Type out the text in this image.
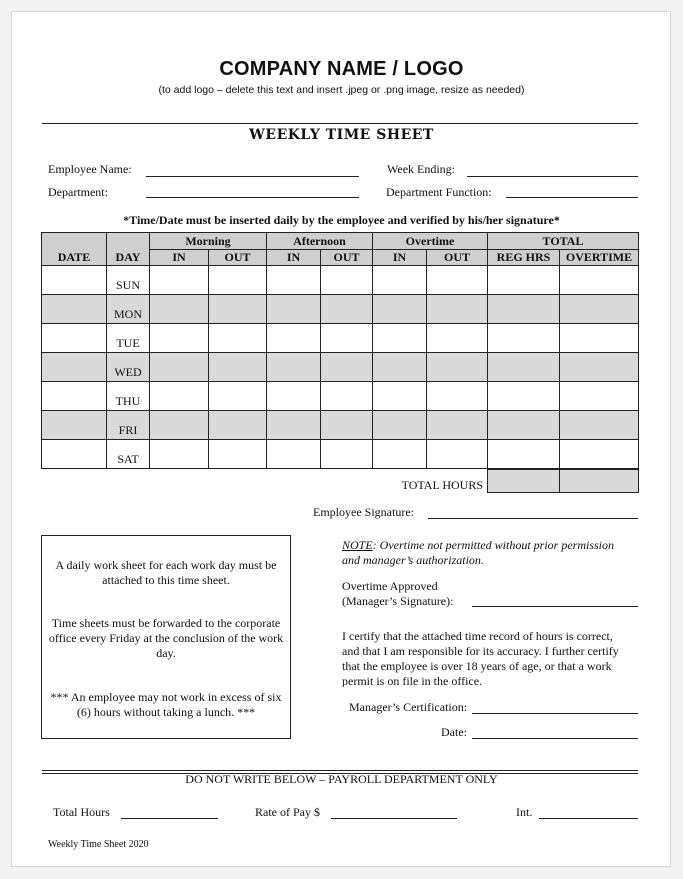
COMPANY NAME / LOGO
(to add logo – delete this text and insert .jpeg or .png image, resize as needed)
WEEKLY TIME SHEET
Employee Name:
Department:
Week Ending:
Department Function:
*Time/Date must be inserted daily by the employee and verified by his/her signature*
DATE	DAY	Morning		Afternoon		Overtime		TOTAL	
		IN	OUT	IN	OUT	IN	OUT	REG HRS	OVERTIME
	SUN								
	MON								
	TUE								
	WED								
	THU								
	FRI								
	SAT								
TOTAL HOURS
Employee Signature:

A daily work sheet for each work day must be attached to this time sheet.

Time sheets must be forwarded to the corporate office every Friday at the conclusion of the work day.

*** An employee may not work in excess of six (6) hours without taking a lunch. ***

NOTE: Overtime not permitted without prior permission and manager’s authorization.
Overtime Approved
(Manager’s Signature):
I certify that the attached time record of hours is correct, and that I am responsible for its accuracy. I further certify that the employee is over 18 years of age, or that a work permit is on file in the office.
Manager’s Certification:
Date:
DO NOT WRITE BELOW – PAYROLL DEPARTMENT ONLY
Total Hours	Rate of Pay $	Int.
Weekly Time Sheet 2020
